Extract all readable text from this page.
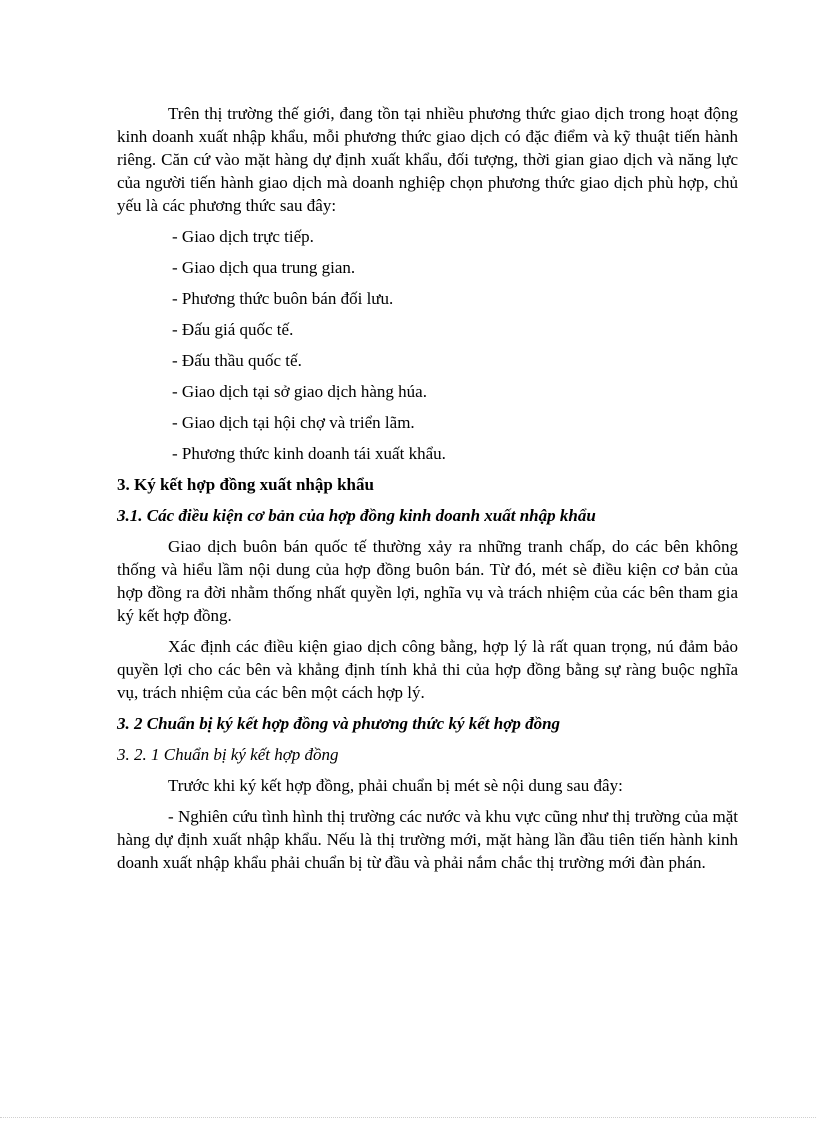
Trên thị trường thế giới, đang tồn tại nhiều phương thức giao dịch trong hoạt động kinh doanh xuất nhập khẩu, mỗi phương thức giao dịch có đặc điểm và kỹ thuật tiến hành riêng. Căn cứ vào mặt hàng dự định xuất khẩu, đối tượng, thời gian giao dịch và năng lực của người tiến hành giao dịch mà doanh nghiệp chọn phương thức giao dịch phù hợp, chủ yếu là các phương thức sau đây:

- Giao dịch trực tiếp.

- Giao dịch qua trung gian.

- Phương thức buôn bán đối lưu.

- Đấu giá quốc tế.

- Đấu thầu quốc tế.

- Giao dịch tại sở giao dịch hàng húa.

- Giao dịch tại hội chợ và triển lãm.

- Phương thức kinh doanh tái xuất khẩu.

3. Ký kết hợp đồng xuất nhập khẩu

3.1. Các điều kiện cơ bản của hợp đồng kinh doanh xuất nhập khẩu

Giao dịch buôn bán quốc tế thường xảy ra những tranh chấp, do các bên không thống và hiểu lầm nội dung của hợp đồng buôn bán. Từ đó, mét sè điều kiện cơ bản của hợp đồng ra đời nhằm thống nhất quyền lợi, nghĩa vụ và trách nhiệm của các bên tham gia ký kết hợp đồng.

Xác định các điều kiện giao dịch công bằng, hợp lý là rất quan trọng, nú đảm bảo quyền lợi cho các bên và khẳng định tính khả thi của hợp đồng bằng sự ràng buộc nghĩa vụ, trách nhiệm của các bên một cách hợp lý.

3. 2 Chuẩn bị ký kết hợp đồng và phương thức ký kết hợp đồng

3. 2. 1 Chuẩn bị ký kết hợp đồng

Trước khi ký kết hợp đồng, phải chuẩn bị mét sè nội dung sau đây:

- Nghiên cứu tình hình thị trường các nước và khu vực cũng như thị trường của mặt hàng dự định xuất nhập khẩu. Nếu là thị trường mới, mặt hàng lần đầu tiên tiến hành kinh doanh xuất nhập khẩu phải chuẩn bị từ đầu và phải nắm chắc thị trường mới đàn phán.
